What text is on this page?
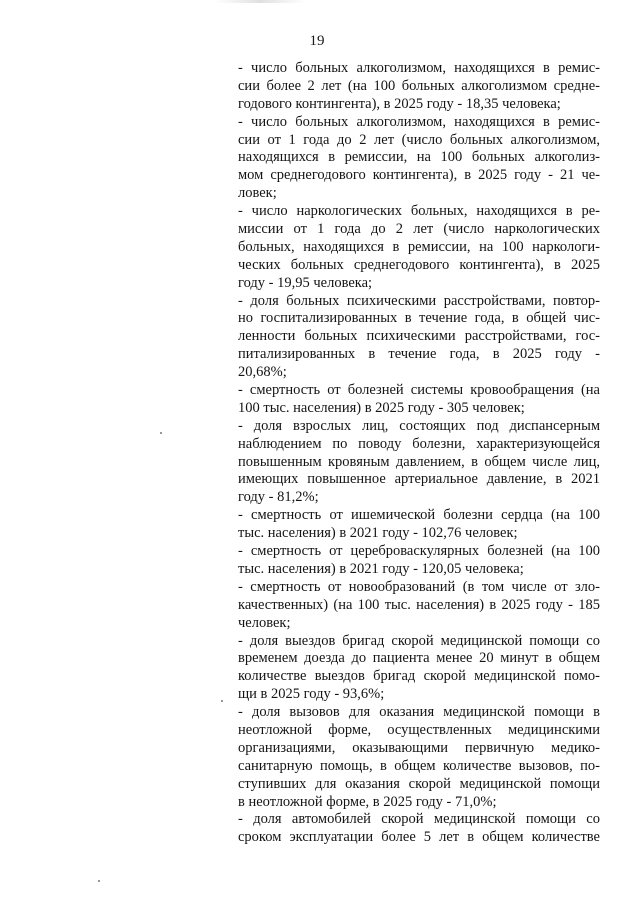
19
- число больных алкоголизмом, находящихся в ремис-
сии более 2 лет (на 100 больных алкоголизмом средне-
годового контингента), в 2025 году - 18,35 человека;
- число больных алкоголизмом, находящихся в ремис-
сии от 1 года до 2 лет (число больных алкоголизмом,
находящихся в ремиссии, на 100 больных алкоголиз-
мом среднегодового контингента), в 2025 году - 21 че-
ловек;
- число наркологических больных, находящихся в ре-
миссии от 1 года до 2 лет (число наркологических
больных, находящихся в ремиссии, на 100 наркологи-
ческих больных среднегодового контингента), в 2025
году - 19,95 человека;
- доля больных психическими расстройствами, повтор-
но госпитализированных в течение года, в общей чис-
ленности больных психическими расстройствами, гос-
питализированных в течение года, в 2025 году -
20,68%;
- смертность от болезней системы кровообращения (на
100 тыс. населения) в 2025 году - 305 человек;
- доля взрослых лиц, состоящих под диспансерным
наблюдением по поводу болезни, характеризующейся
повышенным кровяным давлением, в общем числе лиц,
имеющих повышенное артериальное давление, в 2021
году - 81,2%;
- смертность от ишемической болезни сердца (на 100
тыс. населения) в 2021 году - 102,76 человек;
- смертность от цереброваскулярных болезней (на 100
тыс. населения) в 2021 году - 120,05 человека;
- смертность от новообразований (в том числе от зло-
качественных) (на 100 тыс. населения) в 2025 году - 185
человек;
- доля выездов бригад скорой медицинской помощи со
временем доезда до пациента менее 20 минут в общем
количестве выездов бригад скорой медицинской помо-
щи в 2025 году - 93,6%;
- доля вызовов для оказания медицинской помощи в
неотложной форме, осуществленных медицинскими
организациями, оказывающими первичную медико-
санитарную помощь, в общем количестве вызовов, по-
ступивших для оказания скорой медицинской помощи
в неотложной форме, в 2025 году - 71,0%;
- доля автомобилей скорой медицинской помощи со
сроком эксплуатации более 5 лет в общем количестве
